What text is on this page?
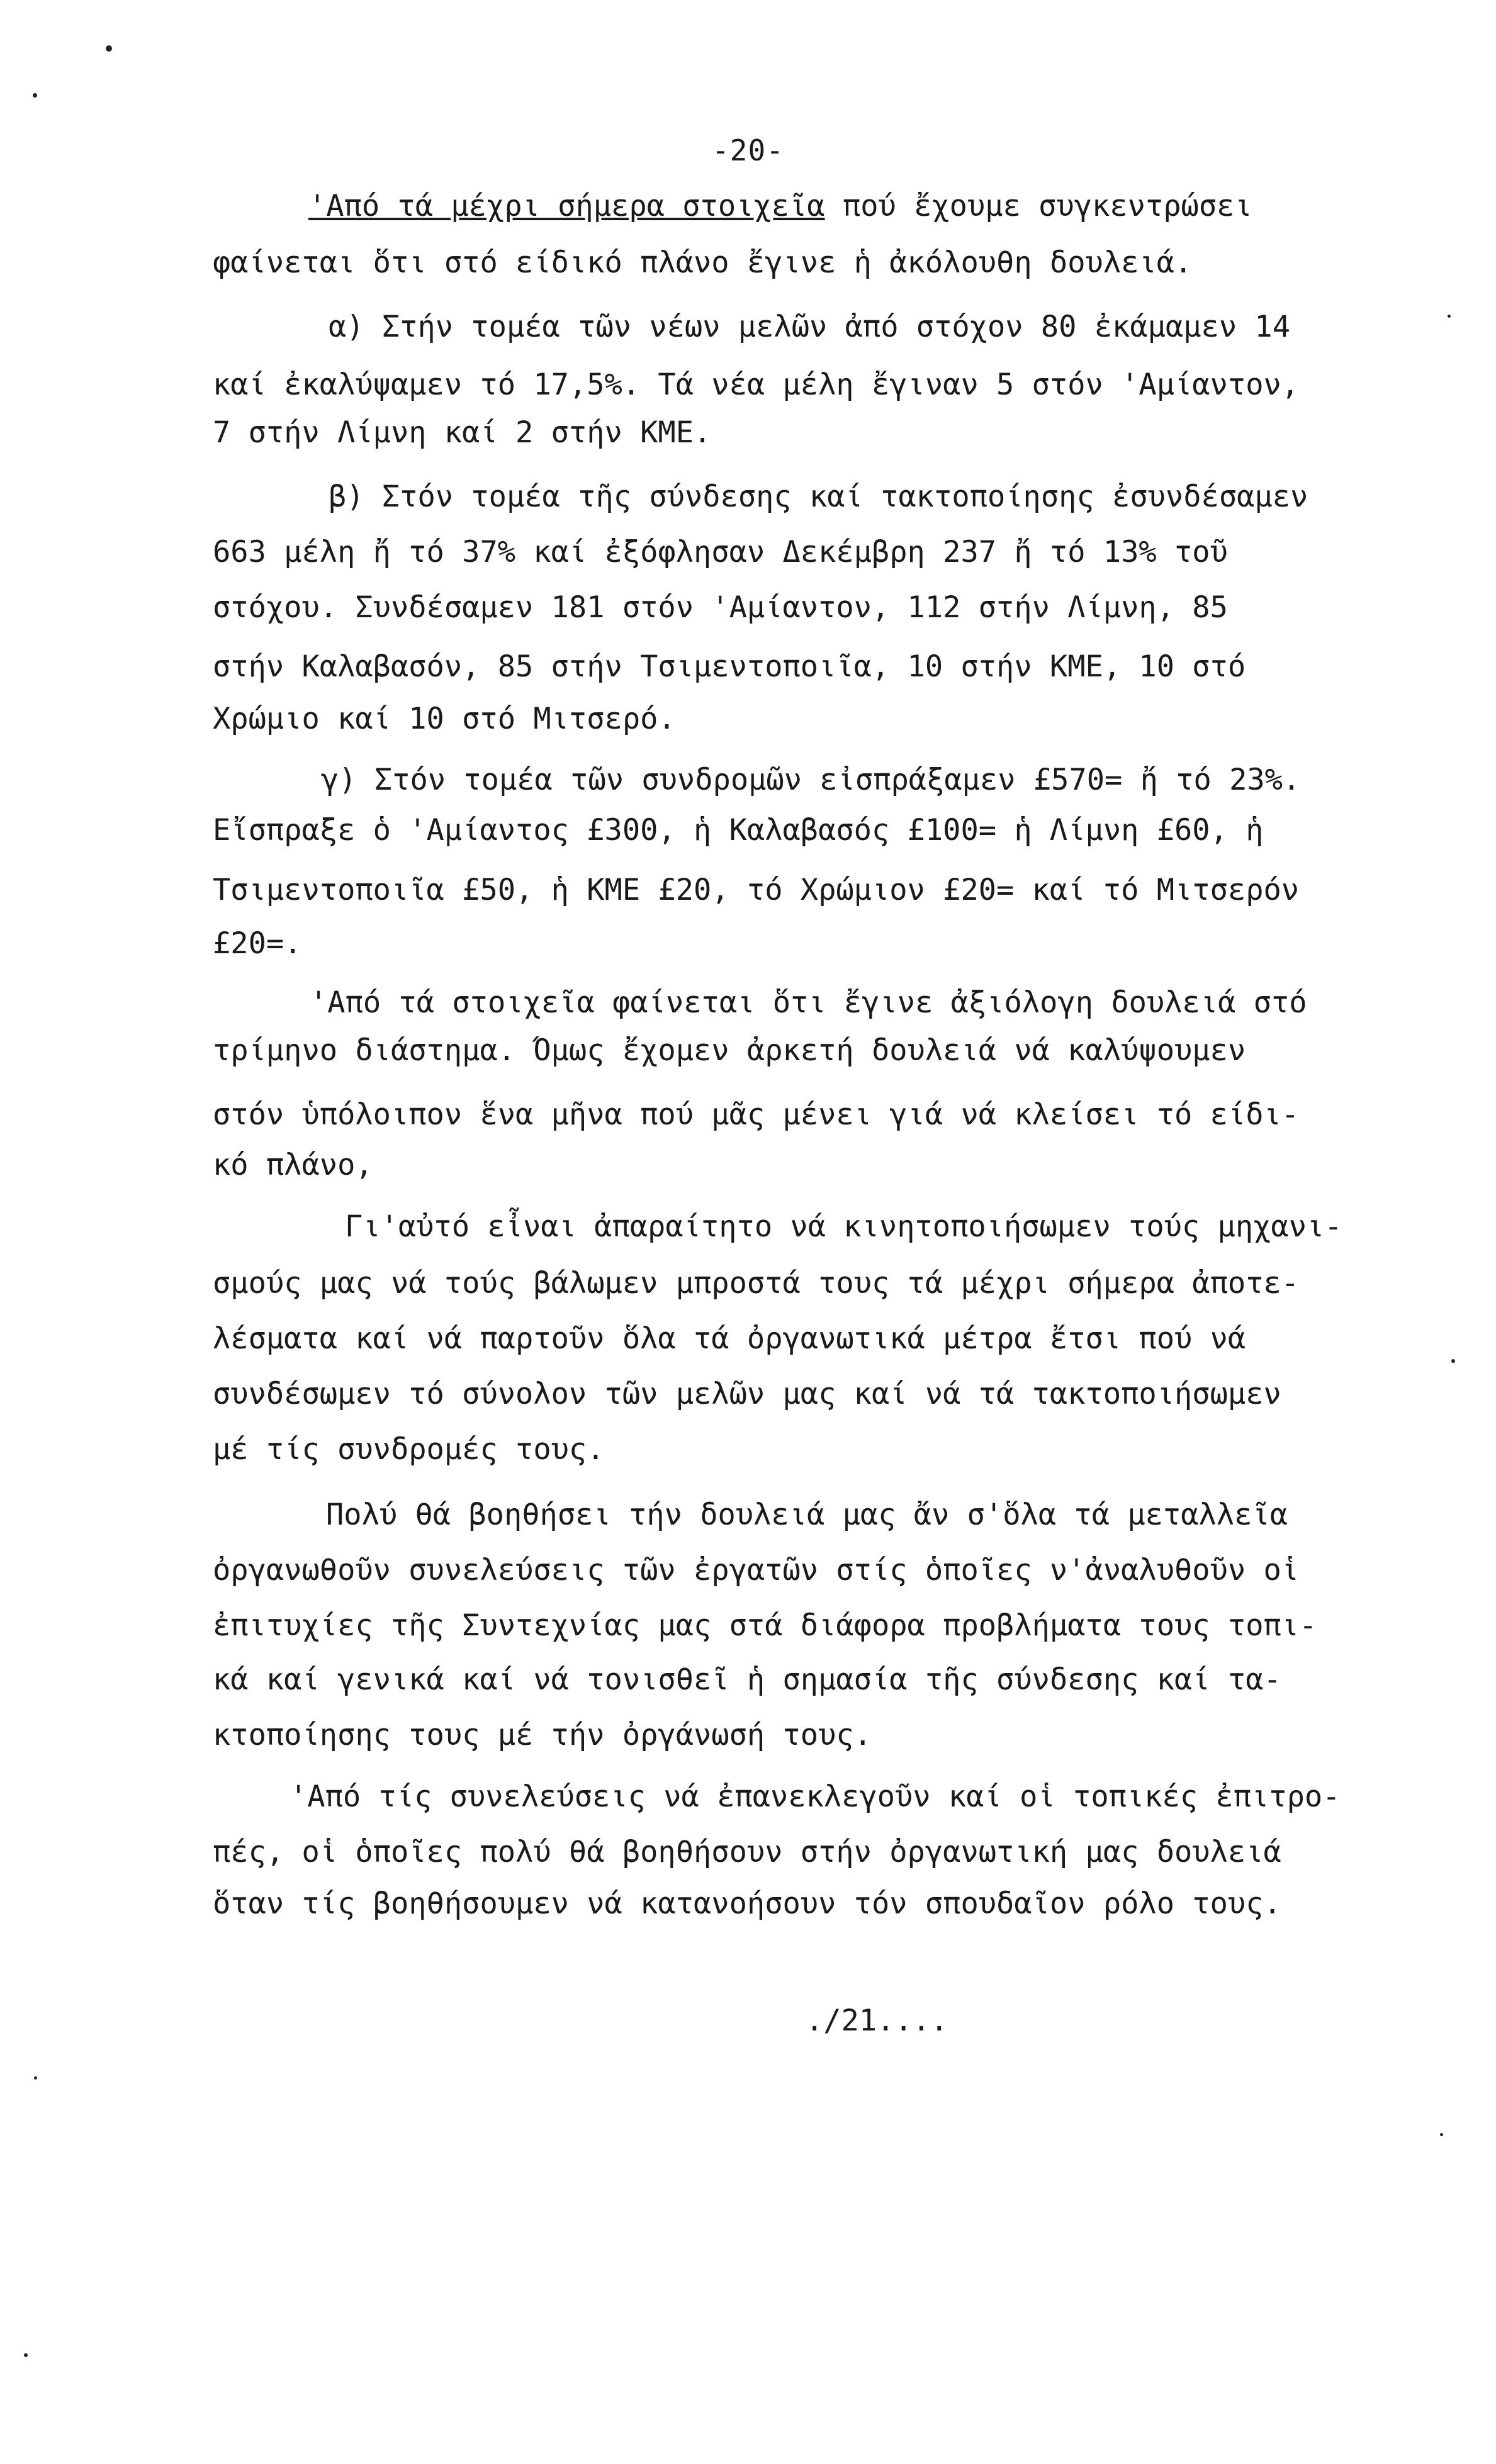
-20-
'Από τά μέχρι σήμερα στοιχεῖα πού ἔχουμε συγκεντρώσει
φαίνεται ὅτι στό είδικό πλάνο ἔγινε ἡ ἀκόλουθη δουλειά.
α) Στήν τομέα τῶν νέων μελῶν ἀπό στόχον 80 ἐκάμαμεν 14
καί ἐκαλύψαμεν τό 17,5%. Τά νέα μέλη ἔγιναν 5 στόν 'Αμίαντον,
7 στήν Λίμνη καί 2 στήν ΚΜΕ.
β) Στόν τομέα τῆς σύνδεσης καί τακτοποίησης ἐσυνδέσαμεν
663 μέλη ἤ τό 37% καί ἐξόφλησαν Δεκέμβρη 237 ἤ τό 13% τοῦ
στόχου. Συνδέσαμεν 181 στόν 'Αμίαντον, 112 στήν Λίμνη, 85
στήν Καλαβασόν, 85 στήν Τσιμεντοποιῖα, 10 στήν ΚΜΕ, 10 στό
Χρώμιο καί 10 στό Μιτσερό.
γ) Στόν τομέα τῶν συνδρομῶν εἰσπράξαμεν £570= ἤ τό 23%.
Εἴσπραξε ὁ 'Αμίαντος £300, ἡ Καλαβασός £100= ἡ Λίμνη £60, ἡ
Τσιμεντοποιῖα £50, ἡ ΚΜΕ £20, τό Χρώμιον £20= καί τό Μιτσερόν
£20=.
'Από τά στοιχεῖα φαίνεται ὅτι ἔγινε ἀξιόλογη δουλειά στό
τρίμηνο διάστημα. Όμως ἔχομεν ἀρκετή δουλειά νά καλύψουμεν
στόν ὑπόλοιπον ἕνα μῆνα πού μᾶς μένει γιά νά κλείσει τό είδι-
κό πλάνο,
Γι'αὐτό εἶναι ἀπαραίτητο νά κινητοποιήσωμεν τούς μηχανι-
σμούς μας νά τούς βάλωμεν μπροστά τους τά μέχρι σήμερα ἀποτε-
λέσματα καί νά παρτοῦν ὅλα τά ὀργανωτικά μέτρα ἔτσι πού νά
συνδέσωμεν τό σύνολον τῶν μελῶν μας καί νά τά τακτοποιήσωμεν
μέ τίς συνδρομές τους.
Πολύ θά βοηθήσει τήν δουλειά μας ἄν σ'ὅλα τά μεταλλεῖα
ὀργανωθοῦν συνελεύσεις τῶν ἐργατῶν στίς ὁποῖες ν'ἀναλυθοῦν οἱ
ἐπιτυχίες τῆς Συντεχνίας μας στά διάφορα προβλήματα τους τοπι-
κά καί γενικά καί νά τονισθεῖ ἡ σημασία τῆς σύνδεσης καί τα-
κτοποίησης τους μέ τήν ὀργάνωσή τους.
'Από τίς συνελεύσεις νά ἐπανεκλεγοῦν καί οἱ τοπικές ἐπιτρο-
πές, οἱ ὁποῖες πολύ θά βοηθήσουν στήν ὀργανωτική μας δουλειά
ὅταν τίς βοηθήσουμεν νά κατανοήσουν τόν σπουδαῖον ρόλο τους.
./21....
